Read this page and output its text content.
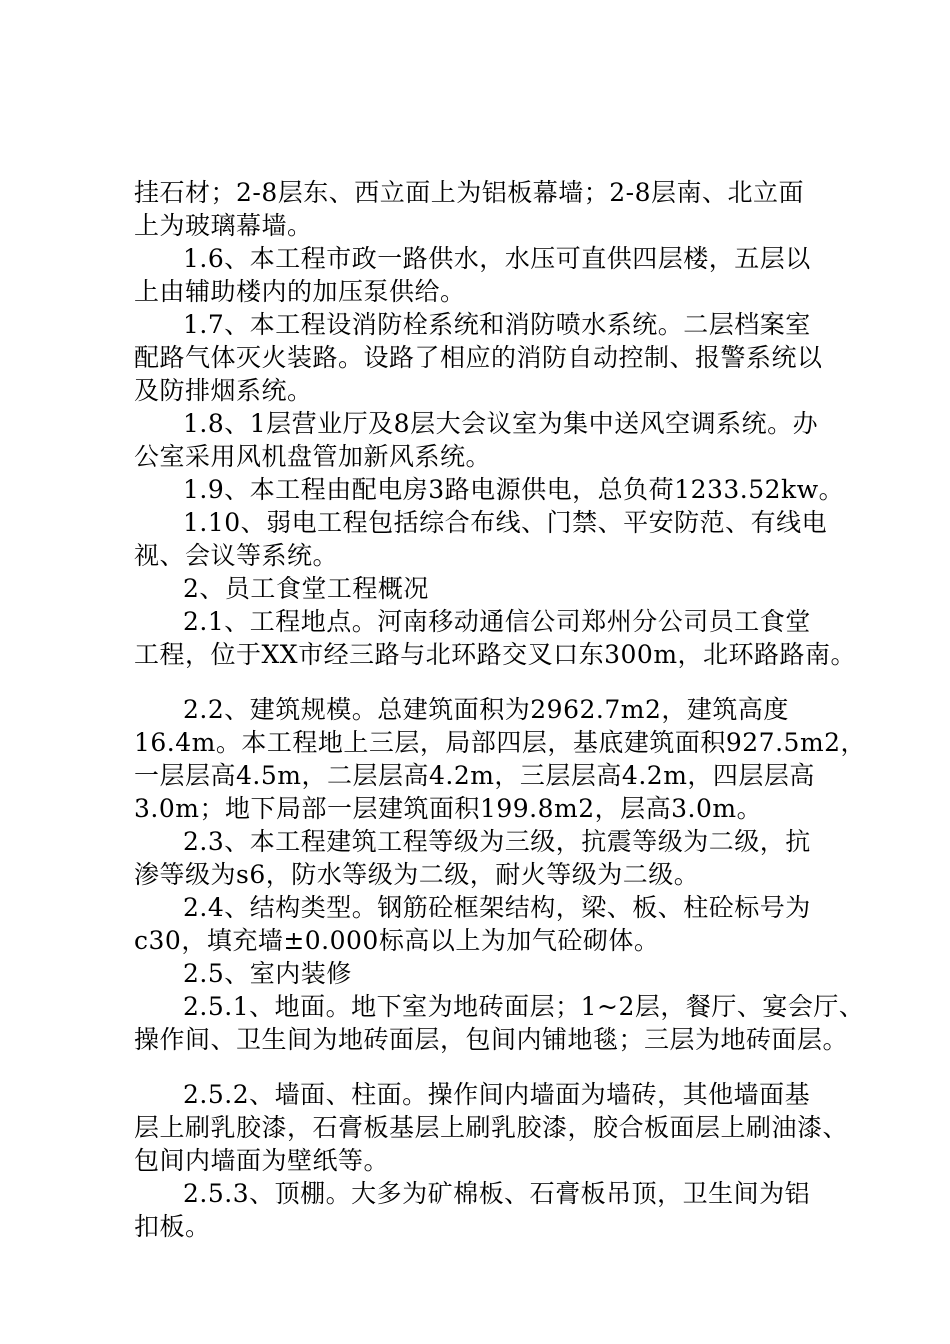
挂石材；2-8层东、西立面上为铝板幕墙；2-8层南、北立面
上为玻璃幕墙。
1.6、本工程市政一路供水，水压可直供四层楼，五层以
上由辅助楼内的加压泵供给。
1.7、本工程设消防栓系统和消防喷水系统。二层档案室
配路气体灭火装路。设路了相应的消防自动控制、报警系统以
及防排烟系统。
1.8、1层营业厅及8层大会议室为集中送风空调系统。办
公室采用风机盘管加新风系统。
1.9、本工程由配电房3路电源供电，总负荷1233.52kw。
1.10、弱电工程包括综合布线、门禁、平安防范、有线电
视、会议等系统。
2、员工食堂工程概况
2.1、工程地点。河南移动通信公司郑州分公司员工食堂
工程，位于XX市经三路与北环路交叉口东300m，北环路路南。
2.2、建筑规模。总建筑面积为2962.7m2，建筑高度
16.4m。本工程地上三层，局部四层，基底建筑面积927.5m2，
一层层高4.5m，二层层高4.2m，三层层高4.2m，四层层高
3.0m；地下局部一层建筑面积199.8m2，层高3.0m。
2.3、本工程建筑工程等级为三级，抗震等级为二级，抗
渗等级为s6，防水等级为二级，耐火等级为二级。
2.4、结构类型。钢筋砼框架结构，梁、板、柱砼标号为
c30，填充墙±0.000标高以上为加气砼砌体。
2.5、室内装修
2.5.1、地面。地下室为地砖面层；1~2层，餐厅、宴会厅、
操作间、卫生间为地砖面层，包间内铺地毯；三层为地砖面层。
2.5.2、墙面、柱面。操作间内墙面为墙砖，其他墙面基
层上刷乳胶漆，石膏板基层上刷乳胶漆，胶合板面层上刷油漆、
包间内墙面为壁纸等。
2.5.3、顶棚。大多为矿棉板、石膏板吊顶，卫生间为铝
扣板。
